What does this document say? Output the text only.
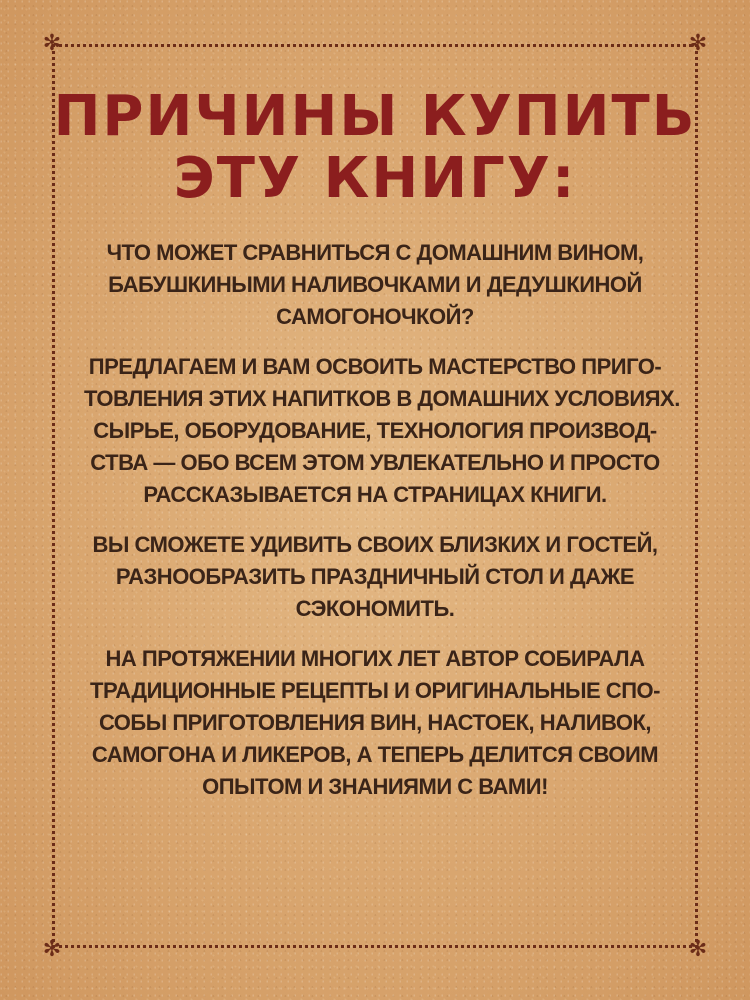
✻	✻
✻	✻
ПРИЧИНЫ КУПИТЬ
ЭТУ КНИГУ:

ЧТО МОЖЕТ СРАВНИТЬСЯ С ДОМАШНИМ ВИНОМ,
БАБУШКИНЫМИ НАЛИВОЧКАМИ И ДЕДУШКИНОЙ
САМОГОНОЧКОЙ?

ПРЕДЛАГАЕМ И ВАМ ОСВОИТЬ МАСТЕРСТВО ПРИГО-
ТОВЛЕНИЯ ЭТИХ НАПИТКОВ В ДОМАШНИХ УСЛОВИЯХ.
СЫРЬЕ, ОБОРУДОВАНИЕ, ТЕХНОЛОГИЯ ПРОИЗВОД-
СТВА — ОБО ВСЕМ ЭТОМ УВЛЕКАТЕЛЬНО И ПРОСТО
РАССКАЗЫВАЕТСЯ НА СТРАНИЦАХ КНИГИ.

ВЫ СМОЖЕТЕ УДИВИТЬ СВОИХ БЛИЗКИХ И ГОСТЕЙ,
РАЗНООБРАЗИТЬ ПРАЗДНИЧНЫЙ СТОЛ И ДАЖЕ
СЭКОНОМИТЬ.

НА ПРОТЯЖЕНИИ МНОГИХ ЛЕТ АВТОР СОБИРАЛА
ТРАДИЦИОННЫЕ РЕЦЕПТЫ И ОРИГИНАЛЬНЫЕ СПО-
СОБЫ ПРИГОТОВЛЕНИЯ ВИН, НАСТОЕК, НАЛИВОК,
САМОГОНА И ЛИКЕРОВ, А ТЕПЕРЬ ДЕЛИТСЯ СВОИМ
ОПЫТОМ И ЗНАНИЯМИ С ВАМИ!
